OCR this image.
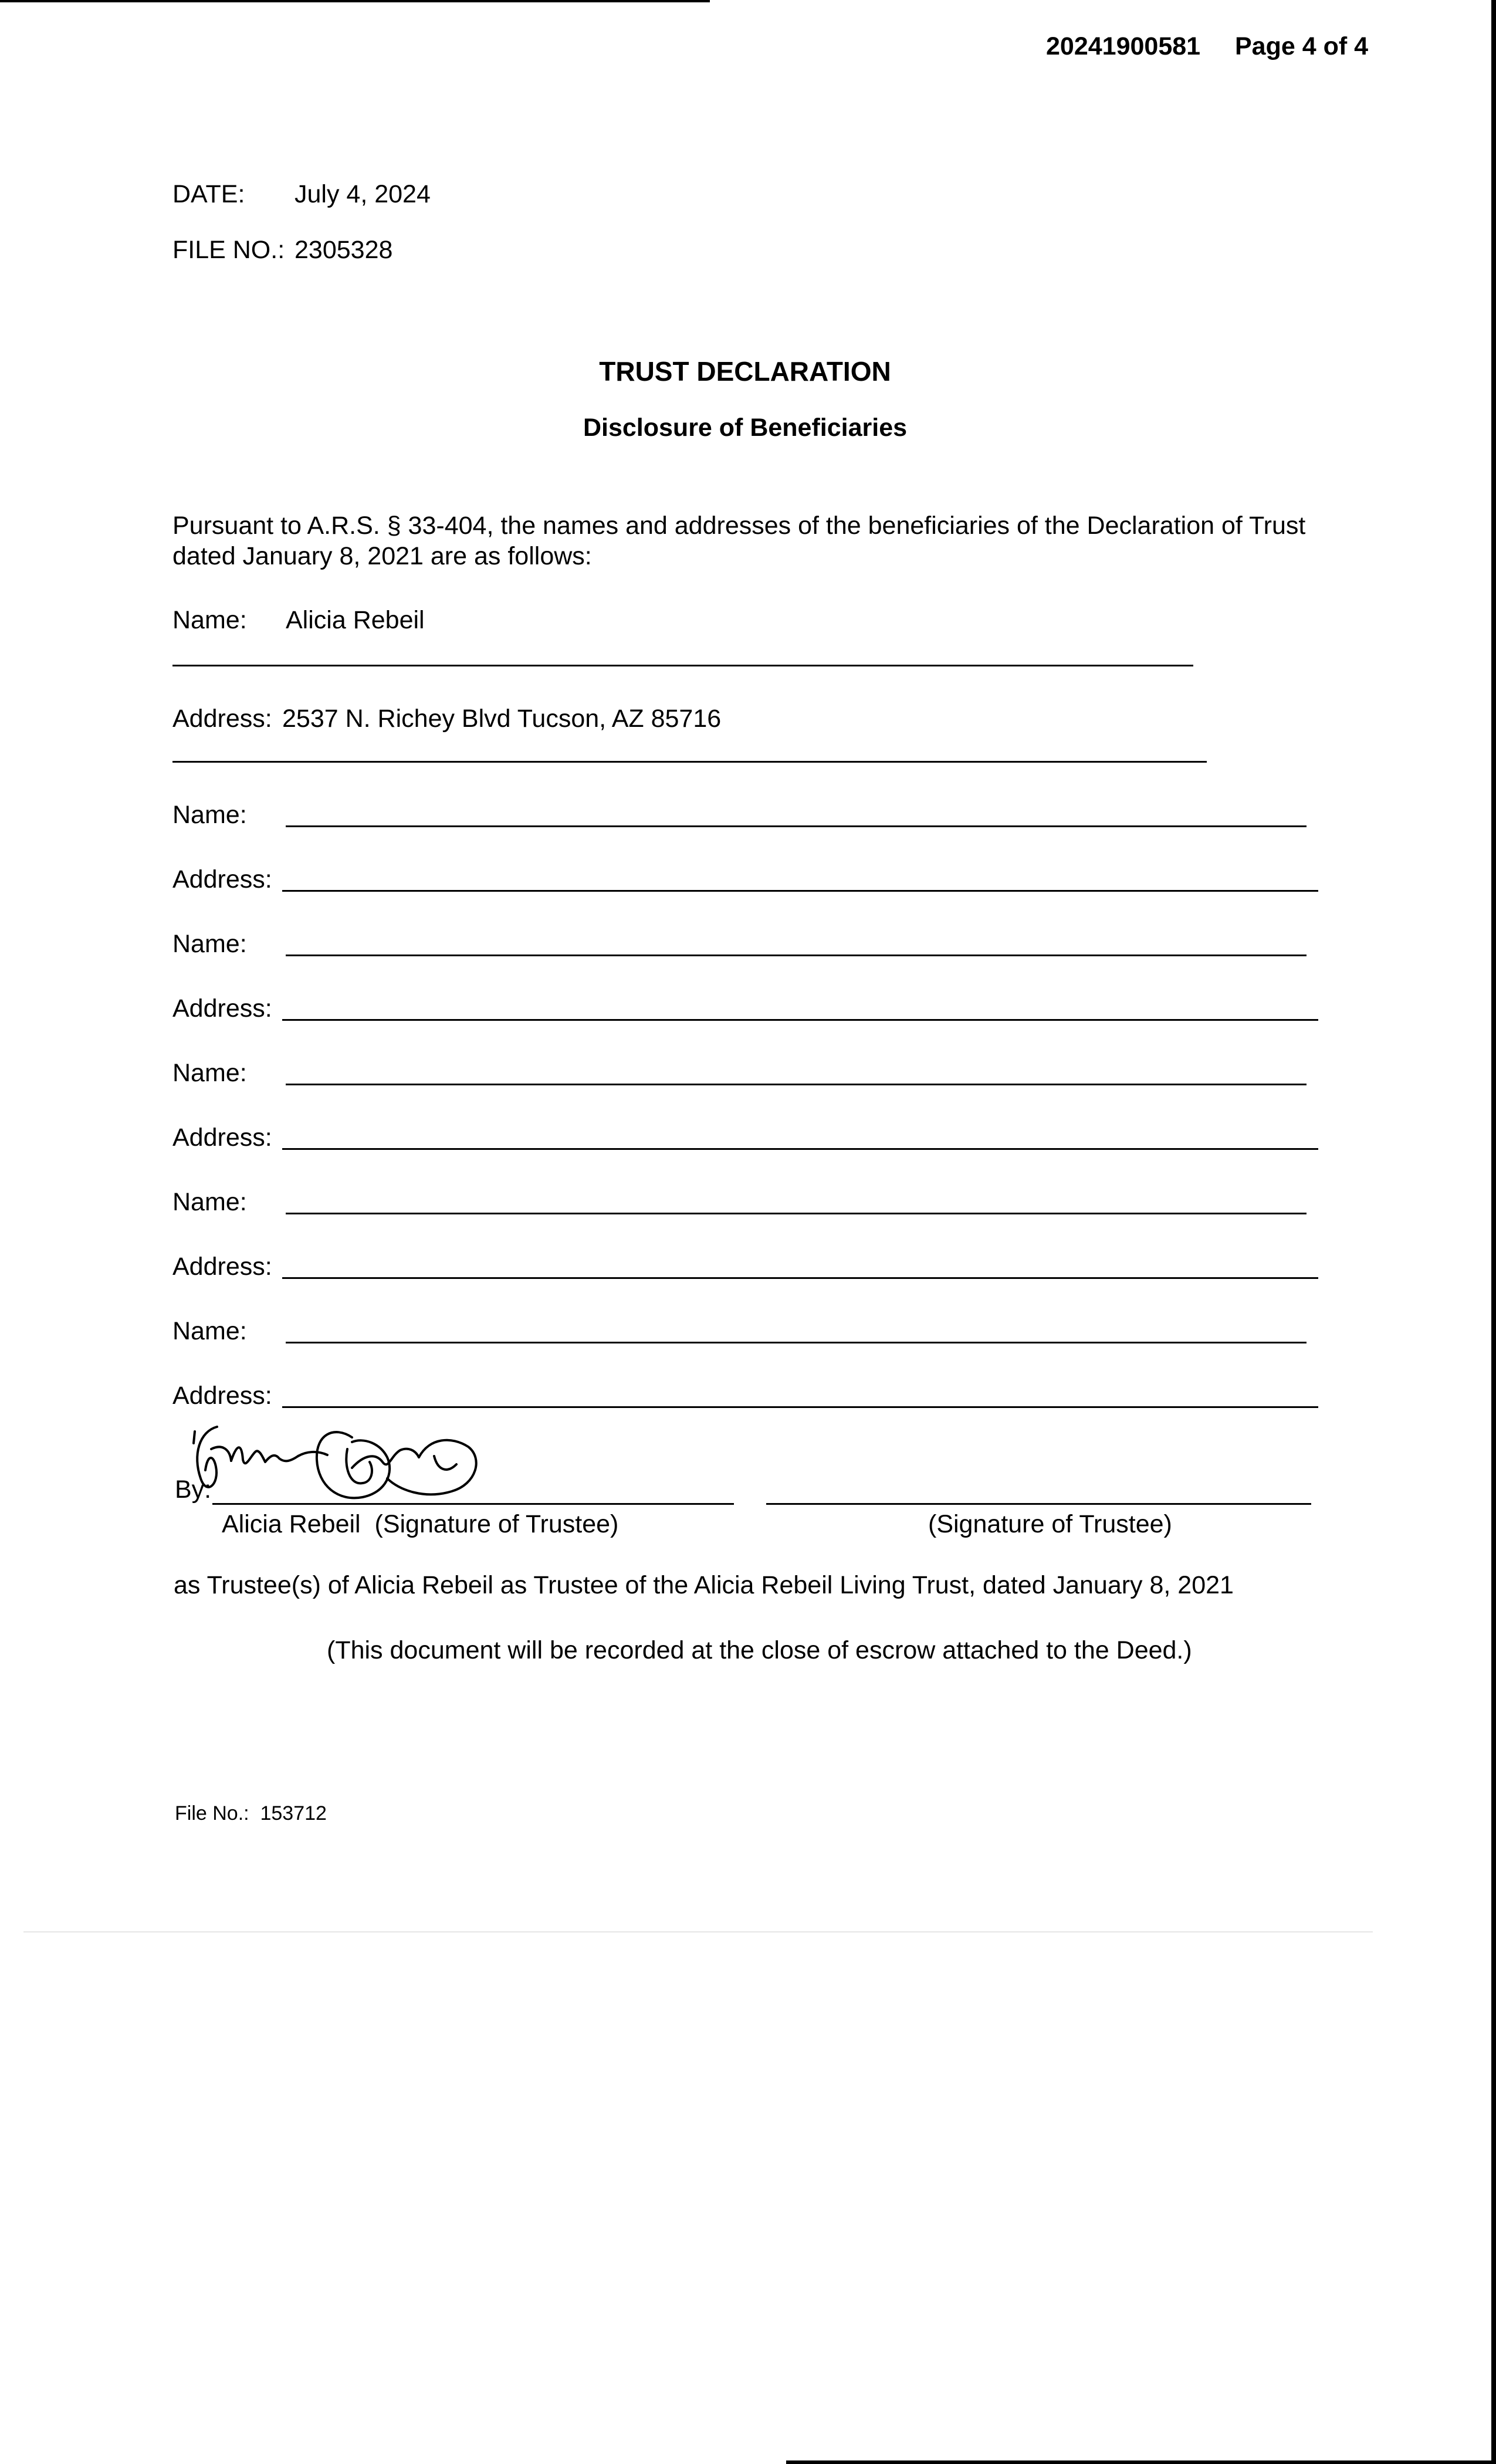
20241900581 Page 4 of 4
DATE: July 4, 2024
FILE NO.: 2305328
TRUST DECLARATION
Disclosure of Beneficiaries
Pursuant to A.R.S. § 33-404, the names and addresses of the beneficiaries of the Declaration of Trust
dated January 8, 2021 are as follows:
Name: Alicia Rebeil
Address: 2537 N. Richey Blvd Tucson, AZ 85716
Name:
Address:
Name:
Address:
Name:
Address:
Name:
Address:
Name:
Address:
By:
Alicia Rebeil  (Signature of Trustee)	(Signature of Trustee)
as Trustee(s) of Alicia Rebeil as Trustee of the Alicia Rebeil Living Trust, dated January 8, 2021
(This document will be recorded at the close of escrow attached to the Deed.)
File No.:  153712
